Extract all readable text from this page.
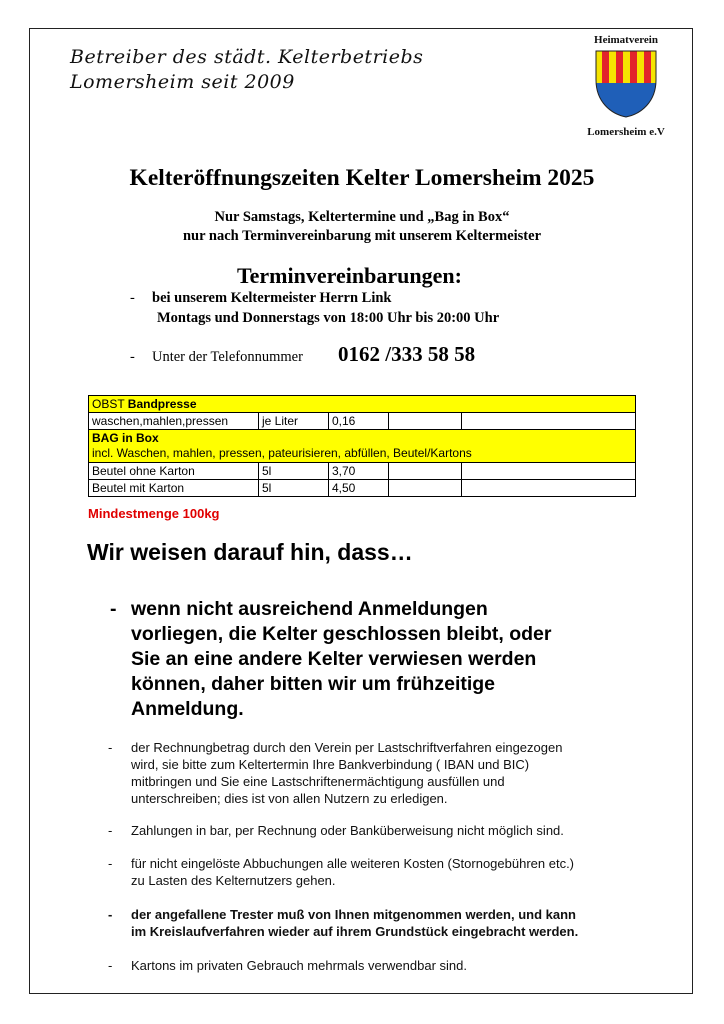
Betreiber des städt. Kelterbetriebs
Lomersheim seit 2009
Heimatverein
Lomersheim e.V
Kelteröffnungszeiten Kelter Lomersheim 2025
Nur Samstags, Keltertermine und „Bag in Box“
nur nach Terminvereinbarung mit unserem Keltermeister
Terminvereinbarungen:
- bei unserem Keltermeister Herrn Link
Montags und Donnerstags von 18:00 Uhr bis 20:00 Uhr
- Unter der Telefonnummer 0162 /333 58 58
OBST Bandpresse				
waschen,mahlen,pressen	je Liter	0,16		
BAG in Box
incl. Waschen, mahlen, pressen, pateurisieren, abfüllen, Beutel/Kartons				
Beutel ohne Karton	5l	3,70		
Beutel mit Karton	5l	4,50		
Mindestmenge 100kg
Wir weisen darauf hin, dass…
- wenn nicht ausreichend Anmeldungen
vorliegen, die Kelter geschlossen bleibt, oder
Sie an eine andere Kelter verwiesen werden
können, daher bitten wir um frühzeitige
Anmeldung.
- der Rechnungbetrag durch den Verein per Lastschriftverfahren eingezogen
wird, sie bitte zum Keltertermin Ihre Bankverbindung ( IBAN und BIC)
mitbringen und Sie eine Lastschriftenermächtigung ausfüllen und
unterschreiben; dies ist von allen Nutzern zu erledigen.
- Zahlungen in bar, per Rechnung oder Banküberweisung nicht möglich sind.
- für nicht eingelöste Abbuchungen alle weiteren Kosten (Stornogebühren etc.)
zu Lasten des Kelternutzers gehen.
- der angefallene Trester muß von Ihnen mitgenommen werden, und kann
im Kreislaufverfahren wieder auf ihrem Grundstück eingebracht werden.
- Kartons im privaten Gebrauch mehrmals verwendbar sind.
